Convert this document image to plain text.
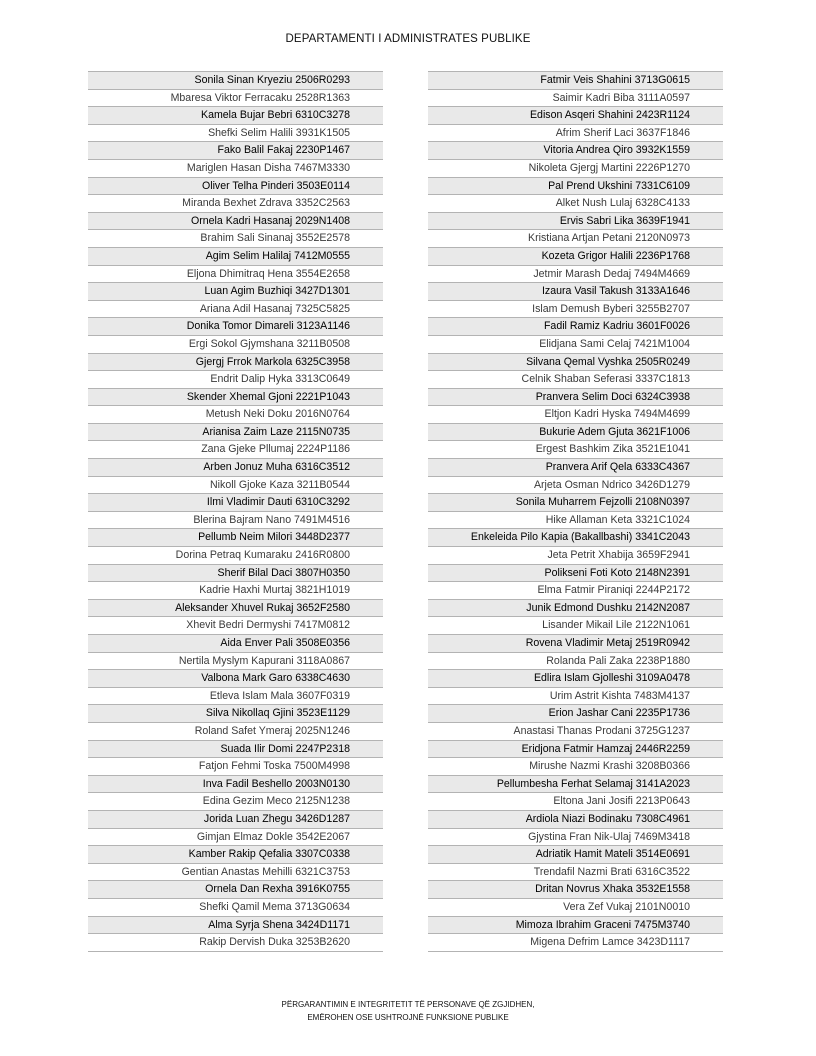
DEPARTAMENTI I ADMINISTRATES PUBLIKE
Sonila Sinan Kryeziu 2506R0293
Mbaresa Viktor Ferracaku 2528R1363
Kamela Bujar Bebri 6310C3278
Shefki Selim Halili 3931K1505
Fako Balil Fakaj 2230P1467
Mariglen Hasan Disha 7467M3330
Oliver Telha Pinderi 3503E0114
Miranda Bexhet Zdrava 3352C2563
Ornela Kadri Hasanaj 2029N1408
Brahim Sali Sinanaj 3552E2578
Agim Selim Halilaj 7412M0555
Eljona Dhimitraq Hena 3554E2658
Luan Agim Buzhiqi 3427D1301
Ariana Adil Hasanaj 7325C5825
Donika Tomor Dimareli 3123A1146
Ergi Sokol Gjymshana 3211B0508
Gjergj Frrok Markola 6325C3958
Endrit Dalip Hyka 3313C0649
Skender Xhemal Gjoni 2221P1043
Metush Neki Doku 2016N0764
Arianisa Zaim Laze 2115N0735
Zana Gjeke Pllumaj 2224P1186
Arben Jonuz Muha 6316C3512
Nikoll Gjoke Kaza 3211B0544
Ilmi Vladimir Dauti 6310C3292
Blerina Bajram Nano 7491M4516
Pellumb Neim Milori 3448D2377
Dorina Petraq Kumaraku 2416R0800
Sherif Bilal Daci 3807H0350
Kadrie Haxhi Murtaj 3821H1019
Aleksander Xhuvel Rukaj 3652F2580
Xhevit Bedri Dermyshi 7417M0812
Aida Enver Pali 3508E0356
Nertila Myslym Kapurani 3118A0867
Valbona Mark Garo 6338C4630
Etleva Islam Mala 3607F0319
Silva Nikollaq Gjini 3523E1129
Roland Safet Ymeraj 2025N1246
Suada Ilir Domi 2247P2318
Fatjon Fehmi Toska 7500M4998
Inva Fadil Beshello 2003N0130
Edina Gezim Meco 2125N1238
Jorida Luan Zhegu 3426D1287
Gimjan Elmaz Dokle 3542E2067
Kamber Rakip Qefalia 3307C0338
Gentian Anastas Mehilli 6321C3753
Ornela Dan Rexha 3916K0755
Shefki Qamil Mema 3713G0634
Alma Syrja Shena 3424D1171
Rakip Dervish Duka 3253B2620
Fatmir Veis Shahini 3713G0615
Saimir Kadri Biba 3111A0597
Edison Asqeri Shahini 2423R1124
Afrim Sherif Laci 3637F1846
Vitoria Andrea Qiro 3932K1559
Nikoleta Gjergj Martini 2226P1270
Pal Prend Ukshini 7331C6109
Alket Nush Lulaj 6328C4133
Ervis Sabri Lika 3639F1941
Kristiana Artjan Petani 2120N0973
Kozeta Grigor Halili 2236P1768
Jetmir Marash Dedaj 7494M4669
Izaura Vasil Takush 3133A1646
Islam Demush Byberi 3255B2707
Fadil Ramiz Kadriu 3601F0026
Elidjana Sami Celaj 7421M1004
Silvana Qemal Vyshka 2505R0249
Celnik Shaban Seferasi 3337C1813
Pranvera Selim Doci 6324C3938
Eltjon Kadri Hyska 7494M4699
Bukurie Adem Gjuta 3621F1006
Ergest Bashkim Zika 3521E1041
Pranvera Arif Qela 6333C4367
Arjeta Osman Ndrico 3426D1279
Sonila Muharrem Fejzolli 2108N0397
Hike Allaman Keta 3321C1024
Enkeleida Pilo Kapia (Bakallbashi) 3341C2043
Jeta Petrit Xhabija 3659F2941
Polikseni Foti Koto 2148N2391
Elma Fatmir Piraniqi 2244P2172
Junik Edmond Dushku 2142N2087
Lisander Mikail Lile 2122N1061
Rovena Vladimir Metaj 2519R0942
Rolanda Pali Zaka 2238P1880
Edlira Islam Gjolleshi 3109A0478
Urim Astrit Kishta 7483M4137
Erion Jashar Cani 2235P1736
Anastasi Thanas Prodani 3725G1237
Eridjona Fatmir Hamzaj 2446R2259
Mirushe Nazmi Krashi 3208B0366
Pellumbesha Ferhat Selamaj 3141A2023
Eltona Jani Josifi 2213P0643
Ardiola Niazi Bodinaku 7308C4961
Gjystina Fran Nik-Ulaj 7469M3418
Adriatik Hamit Mateli 3514E0691
Trendafil Nazmi Brati 6316C3522
Dritan Novrus Xhaka 3532E1558
Vera Zef Vukaj 2101N0010
Mimoza Ibrahim Graceni 7475M3740
Migena Defrim Lamce 3423D1117
PËRGARANTIMIN E INTEGRITETIT TË PERSONAVE QË ZGJIDHEN,
EMËROHEN OSE USHTROJNË FUNKSIONE PUBLIKE
